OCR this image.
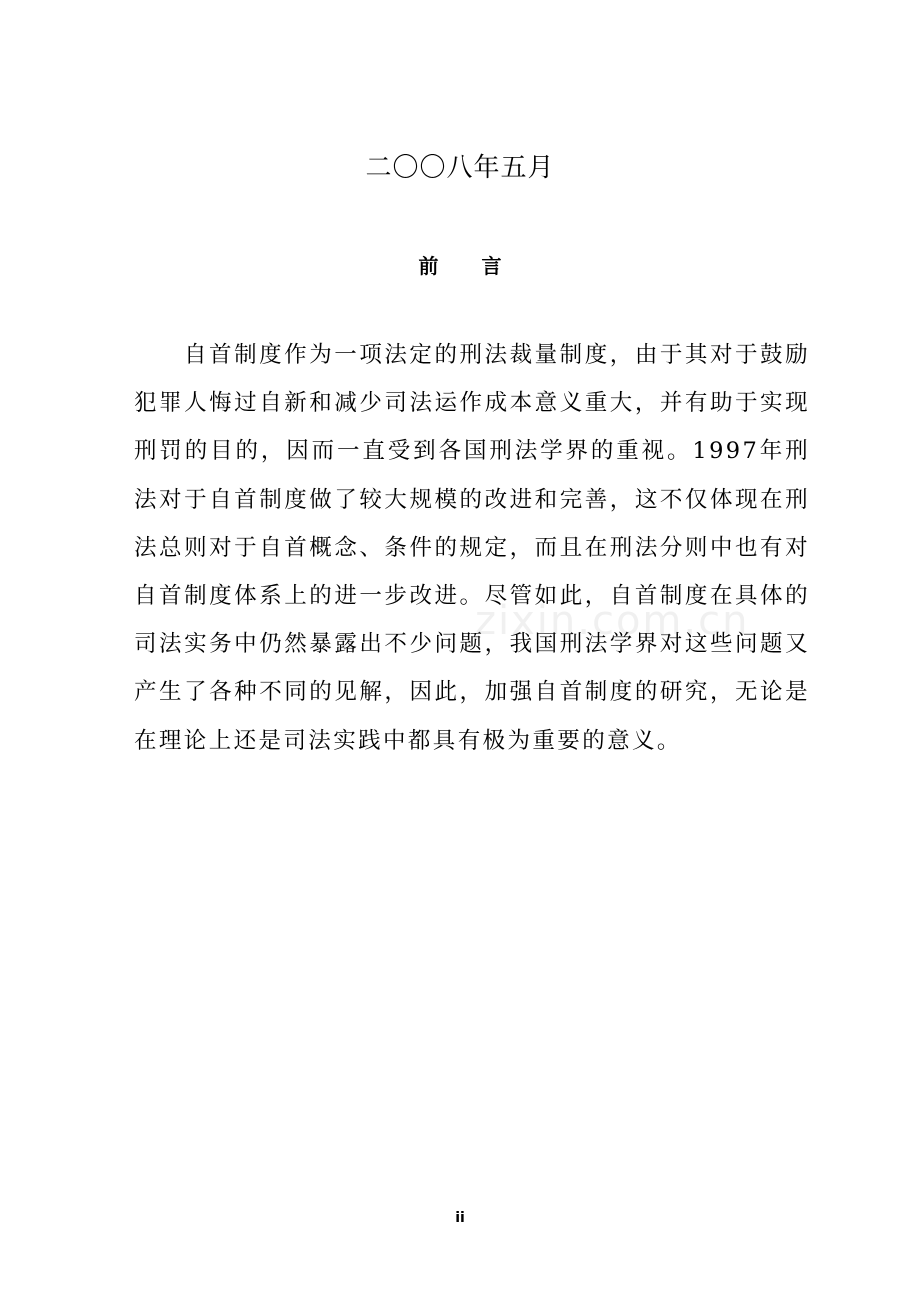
二〇〇八年五月
前 言

自首制度作为一项法定的刑法裁量制度，由于其对于鼓励犯罪人悔过自新和减少司法运作成本意义重大，并有助于实现刑罚的目的，因而一直受到各国刑法学界的重视。1997年刑法对于自首制度做了较大规模的改进和完善，这不仅体现在刑法总则对于自首概念、条件的规定，而且在刑法分则中也有对自首制度体系上的进一步改进。尽管如此，自首制度在具体的司法实务中仍然暴露出不少问题，我国刑法学界对这些问题又产生了各种不同的见解，因此，加强自首制度的研究，无论是在理论上还是司法实践中都具有极为重要的意义。

zixin.com.cn
ii
